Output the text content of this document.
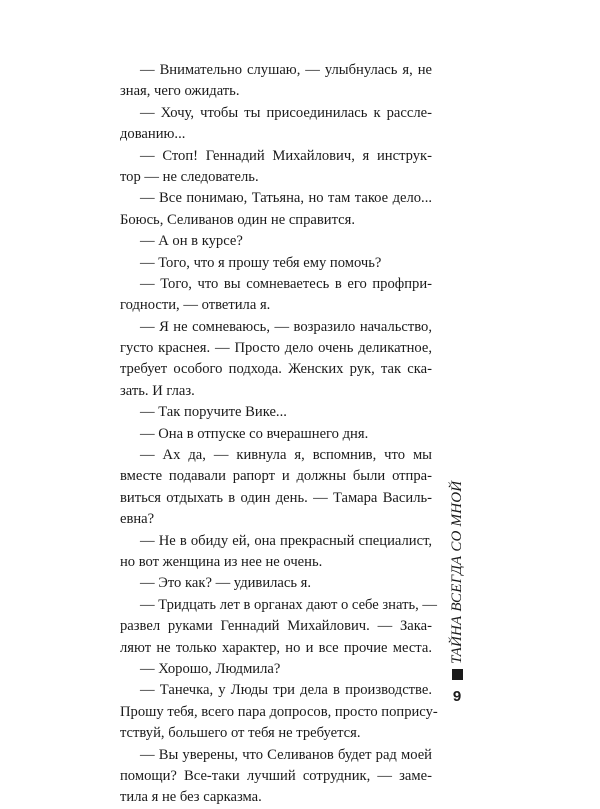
— Внимательно слушаю, — улыбнулась я, не
зная, чего ожидать.
— Хочу, чтобы ты присоединилась к рассле-
дованию...
— Стоп! Геннадий Михайлович, я инструк-
тор — не следователь.
— Все понимаю, Татьяна, но там такое дело...
Боюсь, Селиванов один не справится.
— А он в курсе?
— Того, что я прошу тебя ему помочь?
— Того, что вы сомневаетесь в его профпри-
годности, — ответила я.
— Я не сомневаюсь, — возразило начальство,
густо краснея. — Просто дело очень деликатное,
требует особого подхода. Женских рук, так ска-
зать. И глаз.
— Так поручите Вике...
— Она в отпуске со вчерашнего дня.
— Ах да, — кивнула я, вспомнив, что мы
вместе подавали рапорт и должны были отпра-
виться отдыхать в один день. — Тамара Василь-
евна?
— Не в обиду ей, она прекрасный специалист,
но вот женщина из нее не очень.
— Это как? — удивилась я.
— Тридцать лет в органах дают о себе знать, —
развел руками Геннадий Михайлович. — Зака-
ляют не только характер, но и все прочие места.
— Хорошо, Людмила?
— Танечка, у Люды три дела в производстве.
Прошу тебя, всего пара допросов, просто попрису-
тствуй, большего от тебя не требуется.
— Вы уверены, что Селиванов будет рад моей
помощи? Все-таки лучший сотрудник, — заме-
тила я не без сарказма.
ТАЙНА ВСЕГДА СО МНОЙ
9
